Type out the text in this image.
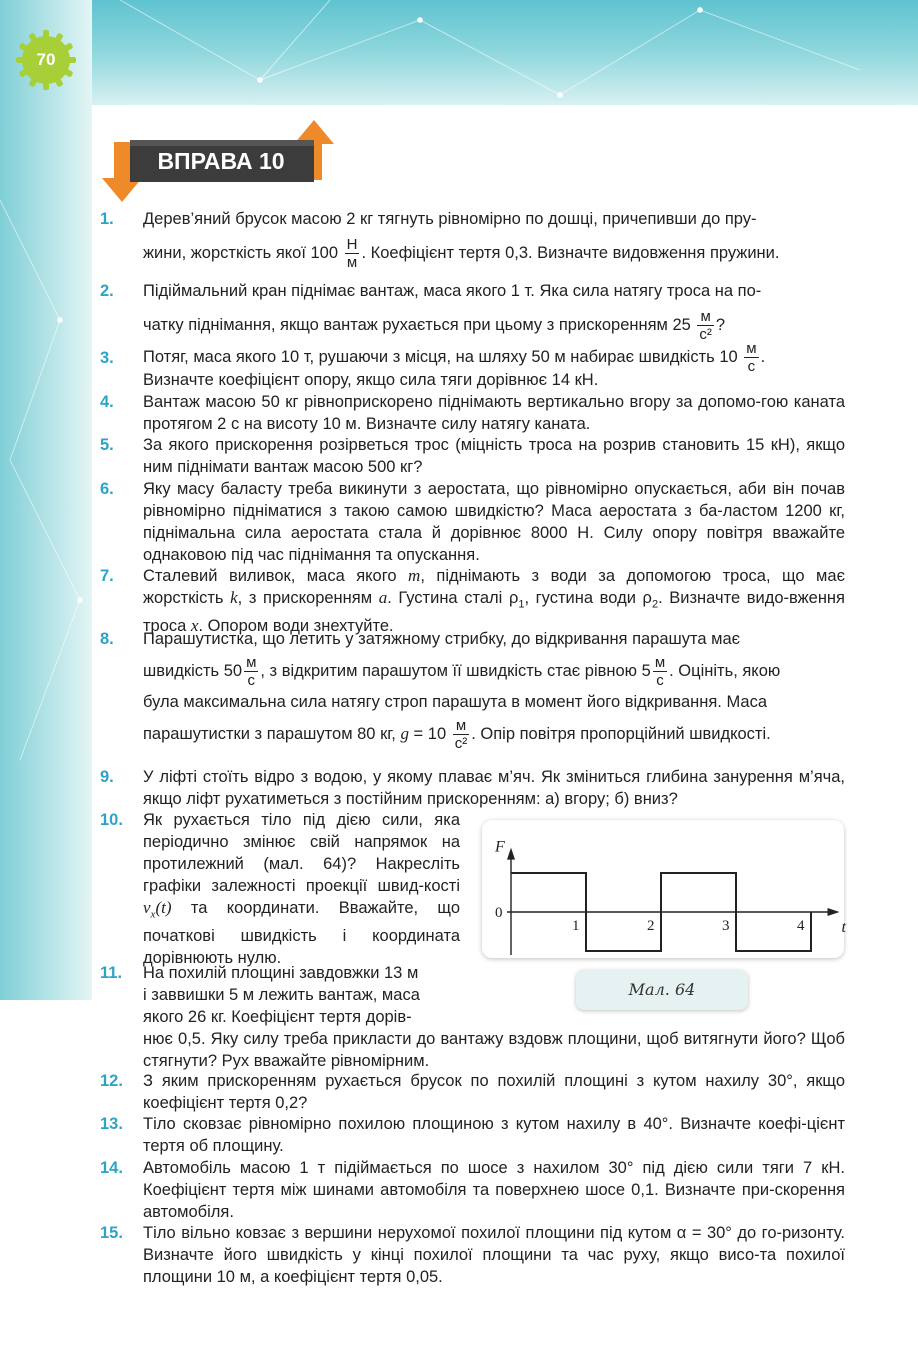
70
ВПРАВА 10
1.	Дерев’яний брусок масою 2 кг тягнуть рівномірно по дошці, причепивши до пру-
жини, жорсткість якої $100 \frac{Н}{м}$ . Коефіцієнт тертя 0,3. Визначте видовження пружини.
2.	Підіймальний кран піднімає вантаж, маса якого 1 т. Яка сила натягу троса на по-
чатку піднімання, якщо вантаж рухається при цьому з прискоренням $25 \frac{м}{\text{с²}}$ ?
3.	Потяг, маса якого 10 т, рушаючи з місця, на шляху 50 м набирає швидкість $10 \frac{м}{с}$ .
Визначте коефіцієнт опору, якщо сила тяги дорівнює 14 кН.
4.	Вантаж масою 50 кг рівноприскорено піднімають вертикально вгору за допомо-гою каната протягом 2 с на висоту 10 м. Визначте силу натягу каната.
5.	За якого прискорення розірветься трос (міцність троса на розрив становить 15 кН), якщо ним піднімати вантаж масою 500 кг?
6.	Яку масу баласту треба викинути з аеростата, що рівномірно опускається, аби він почав рівномірно підніматися з такою самою швидкістю? Маса аеростата з ба-ластом 1200 кг, піднімальна сила аеростата стала й дорівнює 8000 Н. Силу опору повітря вважайте однаковою під час піднімання та опускання.
7.	Сталевий виливок, маса якого m, піднімають з води за допомогою троса, що має жорсткість k, з прискоренням a. Густина сталі $\rho_1$, густина води $\rho_2$. Визначте видо-вження троса x. Опором води знехтуйте.
8.	Парашутистка, що летить у затяжному стрибку, до відкривання парашута має
швидкість $50 \frac{м}{с}$ , з відкритим парашутом її швидкість стає рівною $5 \frac{м}{с}$ . Оцініть, якою
була максимальна сила натягу строп парашута в момент його відкривання. Маса
парашутистки з парашутом 80 кг, $g = 10 \frac{м}{\text{с²}}$ . Опір повітря пропорційний швидкості.
9.	У ліфті стоїть відро з водою, у якому плаває м’яч. Як зміниться глибина занурення м’яча, якщо ліфт рухатиметься з постійним прискоренням: а) вгору; б) вниз?
10.	Як рухається тіло під дією сили, яка періодично змінює свій напрямок на протилежний (мал. 64)? Накресліть графіки залежності проекції швид-кості $v_x(t)$ та координати. Вважайте, що початкові швидкість і координата дорівнюють нулю.
11.	На похилій площині завдовжки 13 м
і заввишки 5 м лежить вантаж, маса
якого 26 кг. Коефіцієнт тертя дорів-
нює 0,5. Яку силу треба прикласти до вантажу вздовж площини, щоб витягнути його? Щоб стягнути? Рух вважайте рівномірним.
12.	З яким прискоренням рухається брусок по похилій площині з кутом нахилу 30°, якщо коефіцієнт тертя 0,2?
13.	Тіло сковзає рівномірно похилою площиною з кутом нахилу в 40°. Визначте коефі-цієнт тертя об площину.
14.	Автомобіль масою 1 т підіймається по шосе з нахилом 30° під дією сили тяги 7 кН. Коефіцієнт тертя між шинами автомобіля та поверхнею шосе 0,1. Визначте при-скорення автомобіля.
15.	Тіло вільно ковзає з вершини нерухомої похилої площини під кутом α = 30° до го-ризонту. Визначте його швидкість у кінці похилої площини та час руху, якщо висо-та похилої площини 10 м, а коефіцієнт тертя 0,05.
F
t
0
1	2	3	4
Мал. 64
